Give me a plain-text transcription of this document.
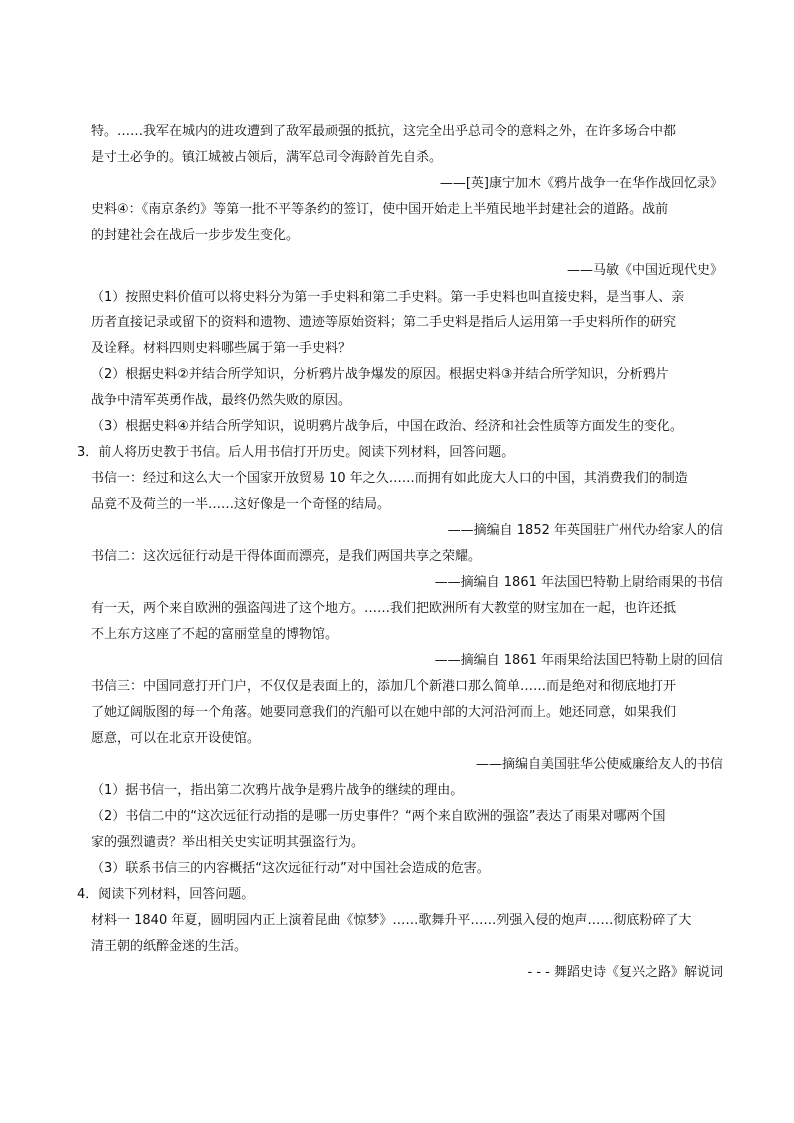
特。……我军在城内的进攻遭到了敌军最顽强的抵抗，这完全出乎总司令的意料之外，在许多场合中都
是寸土必争的。镇江城被占领后，满军总司令海龄首先自杀。
——[英]康宁加木《鸦片战争一在华作战回忆录》
史料④：《南京条约》等第一批不平等条约的签订，使中国开始走上半殖民地半封建社会的道路。战前
的封建社会在战后一步步发生变化。
——马敏《中国近现代史》
（1）按照史料价值可以将史料分为第一手史料和第二手史料。第一手史料也叫直接史料，是当事人、亲
历者直接记录或留下的资料和遗物、遗迹等原始资料；第二手史料是指后人运用第一手史料所作的研究
及诠释。材料四则史料哪些属于第一手史料？
（2）根据史料②并结合所学知识，分析鸦片战争爆发的原因。根据史料③并结合所学知识，分析鸦片
战争中清军英勇作战，最终仍然失败的原因。
（3）根据史料④并结合所学知识，说明鸦片战争后，中国在政治、经济和社会性质等方面发生的变化。
3．前人将历史教于书信。后人用书信打开历史。阅读下列材料，回答问题。
书信一：经过和这么大一个国家开放贸易 10 年之久……而拥有如此庞大人口的中国，其消费我们的制造
品竟不及荷兰的一半……这好像是一个奇怪的结局。
——摘编自 1852 年英国驻广州代办给家人的信
书信二：这次远征行动是干得体面而漂亮，是我们两国共享之荣耀。
——摘编自 1861 年法国巴特勒上尉给雨果的书信
有一天，两个来自欧洲的强盗闯进了这个地方。……我们把欧洲所有大教堂的财宝加在一起，也许还抵
不上东方这座了不起的富丽堂皇的博物馆。
——摘编自 1861 年雨果给法国巴特勒上尉的回信
书信三：中国同意打开门户，不仅仅是表面上的，添加几个新港口那么简单……而是绝对和彻底地打开
了她辽阔版图的每一个角落。她要同意我们的汽船可以在她中部的大河沿河而上。她还同意，如果我们
愿意，可以在北京开设使馆。
——摘编自美国驻华公使威廉给友人的书信
（1）据书信一，指出第二次鸦片战争是鸦片战争的继续的理由。
（2）书信二中的“这次远征行动指的是哪一历史事件？“两个来自欧洲的强盗”表达了雨果对哪两个国
家的强烈谴责？举出相关史实证明其强盗行为。
（3）联系书信三的内容概括“这次远征行动”对中国社会造成的危害。
4．阅读下列材料，回答问题。
材料一 1840 年夏，圆明园内正上演着昆曲《惊梦》……歌舞升平……列强入侵的炮声……彻底粉碎了大
清王朝的纸醉金迷的生活。
- - - 舞蹈史诗《复兴之路》解说词
